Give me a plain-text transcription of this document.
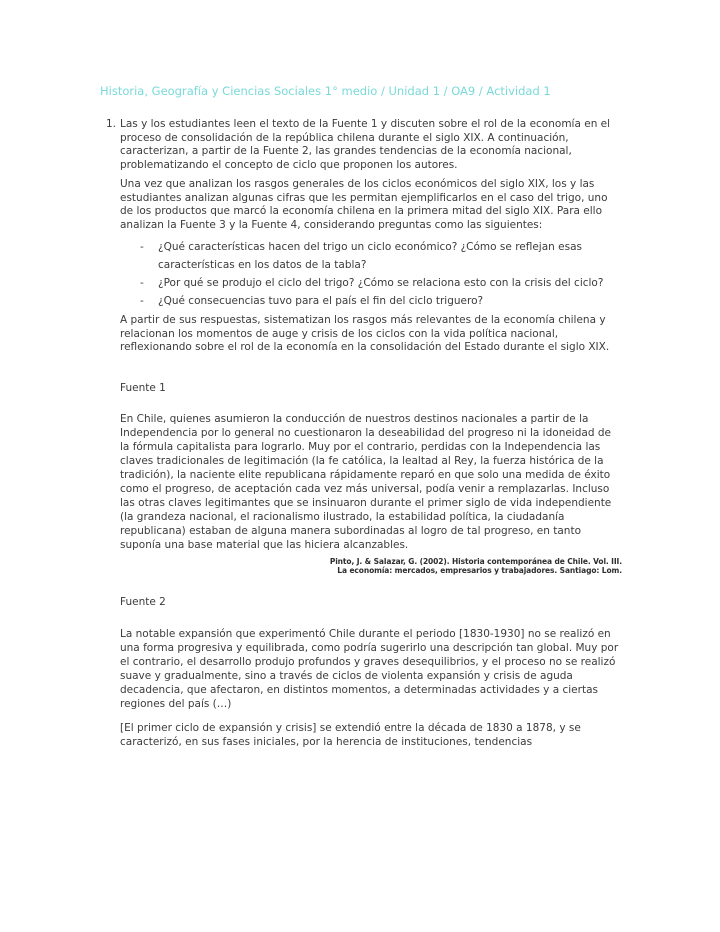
Historia, Geografía y Ciencias Sociales 1° medio / Unidad 1 / OA9 / Actividad 1
1. Las y los estudiantes leen el texto de la Fuente 1 y discuten sobre el rol de la economía en el proceso de consolidación de la república chilena durante el siglo XIX. A continuación, caracterizan, a partir de la Fuente 2, las grandes tendencias de la economía nacional, problematizando el concepto de ciclo que proponen los autores.

Una vez que analizan los rasgos generales de los ciclos económicos del siglo XIX, los y las estudiantes analizan algunas cifras que les permitan ejemplificarlos en el caso del trigo, uno de los productos que marcó la economía chilena en la primera mitad del siglo XIX. Para ello analizan la Fuente 3 y la Fuente 4, considerando preguntas como las siguientes:

-	¿Qué características hacen del trigo un ciclo económico? ¿Cómo se reflejan esas características en los datos de la tabla?
-	¿Por qué se produjo el ciclo del trigo? ¿Cómo se relaciona esto con la crisis del ciclo?
-	¿Qué consecuencias tuvo para el país el fin del ciclo triguero?

A partir de sus respuestas, sistematizan los rasgos más relevantes de la economía chilena y relacionan los momentos de auge y crisis de los ciclos con la vida política nacional, reflexionando sobre el rol de la economía en la consolidación del Estado durante el siglo XIX.

Fuente 1

En Chile, quienes asumieron la conducción de nuestros destinos nacionales a partir de la Independencia por lo general no cuestionaron la deseabilidad del progreso ni la idoneidad de la fórmula capitalista para lograrlo. Muy por el contrario, perdidas con la Independencia las claves tradicionales de legitimación (la fe católica, la lealtad al Rey, la fuerza histórica de la tradición), la naciente elite republicana rápidamente reparó en que solo una medida de éxito como el progreso, de aceptación cada vez más universal, podía venir a remplazarlas. Incluso las otras claves legitimantes que se insinuaron durante el primer siglo de vida independiente (la grandeza nacional, el racionalismo ilustrado, la estabilidad política, la ciudadanía republicana) estaban de alguna manera subordinadas al logro de tal progreso, en tanto suponía una base material que las hiciera alcanzables.

Pinto, J. & Salazar, G. (2002). Historia contemporánea de Chile. Vol. III.
La economía: mercados, empresarios y trabajadores. Santiago: Lom.
Fuente 2

La notable expansión que experimentó Chile durante el periodo [1830-1930] no se realizó en una forma progresiva y equilibrada, como podría sugerirlo una descripción tan global. Muy por el contrario, el desarrollo produjo profundos y graves desequilibrios, y el proceso no se realizó suave y gradualmente, sino a través de ciclos de violenta expansión y crisis de aguda decadencia, que afectaron, en distintos momentos, a determinadas actividades y a ciertas regiones del país (…)

[El primer ciclo de expansión y crisis] se extendió entre la década de 1830 a 1878, y se caracterizó, en sus fases iniciales, por la herencia de instituciones, tendencias
